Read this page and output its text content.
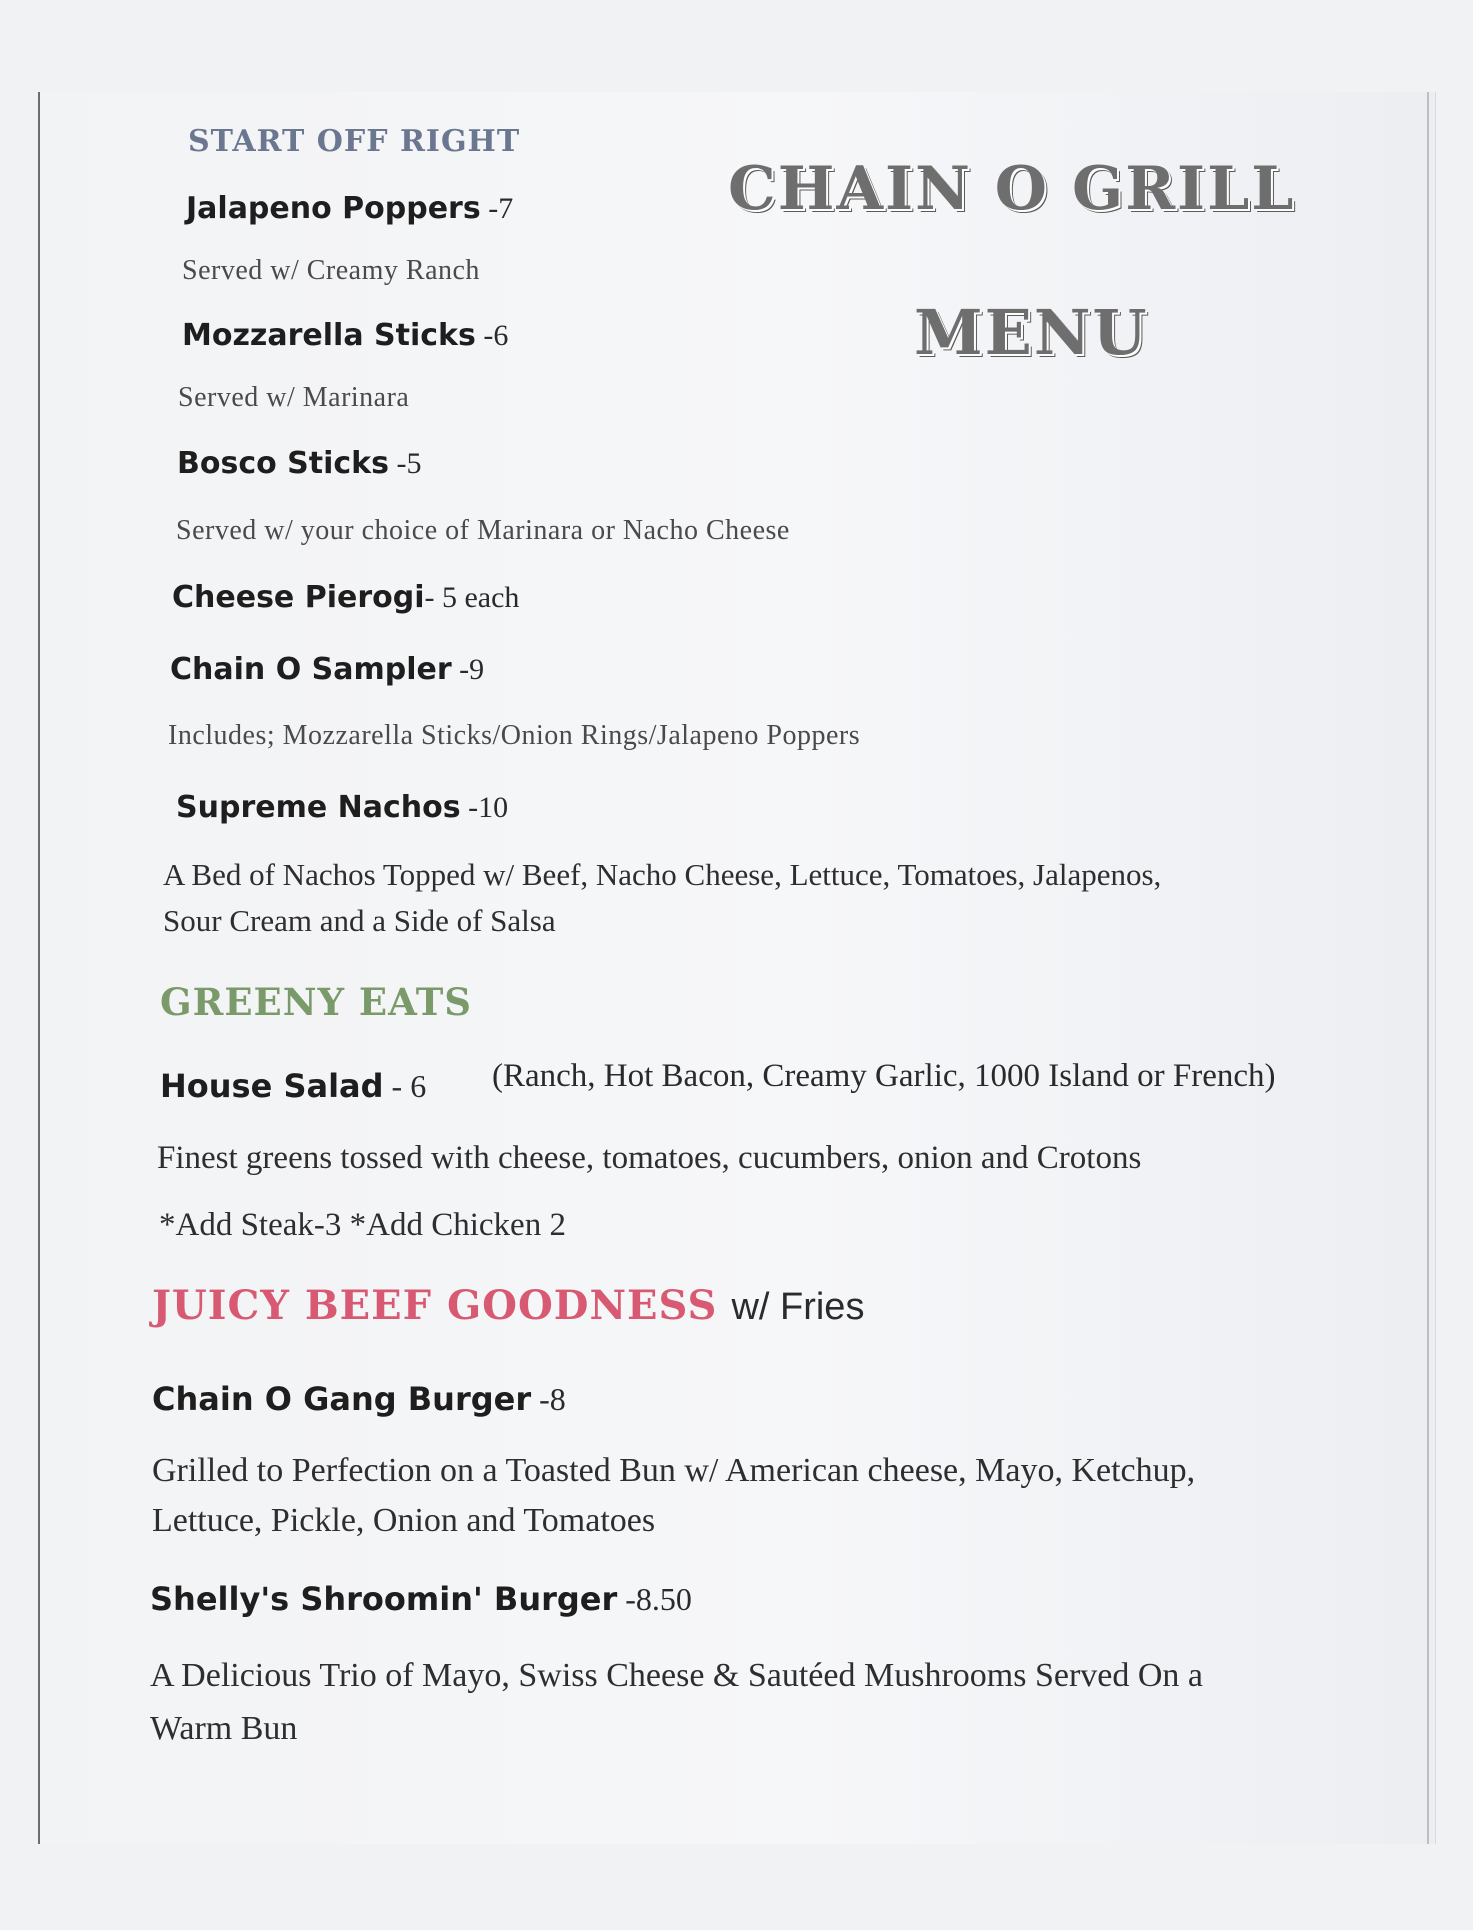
CHAIN O GRILL
MENU
START OFF RIGHT
Jalapeno Poppers -7
Served w/ Creamy Ranch
Mozzarella Sticks -6
Served w/ Marinara
Bosco Sticks -5
Served w/ your choice of Marinara or Nacho Cheese
Cheese Pierogi- 5 each
Chain O Sampler -9
Includes; Mozzarella Sticks/Onion Rings/Jalapeno Poppers
Supreme Nachos -10
A Bed of Nachos Topped w/ Beef, Nacho Cheese, Lettuce, Tomatoes, Jalapenos,
Sour Cream and a Side of Salsa
GREENY EATS
House Salad - 6 (Ranch, Hot Bacon, Creamy Garlic, 1000 Island or French)
Finest greens tossed with cheese, tomatoes, cucumbers, onion and Crotons
*Add Steak-3 *Add Chicken 2
JUICY BEEF GOODNESS w/ Fries
Chain O Gang Burger -8
Grilled to Perfection on a Toasted Bun w/ American cheese, Mayo, Ketchup,
Lettuce, Pickle, Onion and Tomatoes
Shelly's Shroomin' Burger -8.50
A Delicious Trio of Mayo, Swiss Cheese & Sautéed Mushrooms Served On a
Warm Bun
